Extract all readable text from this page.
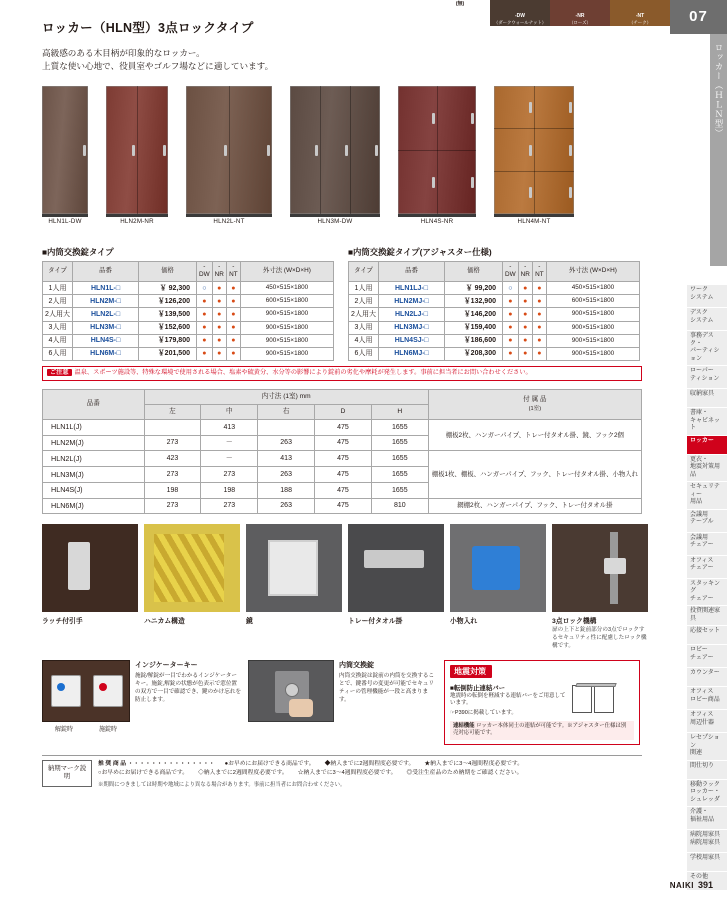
(無)
-DW
（ダークウォールナット）
-NR
（ローズ）
-NT
（チーク）	07
ロッカー（ＨＬＮ型）
ワーク
システム
デスク
システム
事務デスク・
パーティション
ローパー
ティション
収納家具
書庫・
キャビネット
ロッカー
更衣・
地震対策用品
セキュリティー
用品
会議用
テーブル
会議用
チェアー
オフィス
チェアー
スタッキング
チェアー
投資関連家具
応接セット
ロビー
チェアー
カウンター
オフィス
ロビー商品
オフィス
周辺什器
レセプション
関連
間仕切り
移動ラック
ロッカー・
シュレッダ
介護・
福祉用品
病院用家具
病院用家具
学校用家具
その他
ロッカー（HLN型）3点ロックタイプ

高級感のある木目柄が印象的なロッカー。
上質な使い心地で、役員室やゴルフ場などに適しています。

HLN1L-DW	HLN2M-NR	HLN2L-NT	HLN3M-DW	HLN4S-NR	HLN4M-NT
■内筒交換錠タイプ
タイプ	品番	価格	-DW	-NR	-NT	外寸法 (W×D×H)
1人用	HLN1L-□	￥ 92,300	○	●	●	450×515×1800
2人用	HLN2M-□	￥126,200	●	●	●	600×515×1800
2人用大	HLN2L-□	￥139,500	●	●	●	900×515×1800
3人用	HLN3M-□	￥152,600	●	●	●	900×515×1800
4人用	HLN4S-□	￥179,800	●	●	●	900×515×1800
6人用	HLN6M-□	￥201,500	●	●	●	900×515×1800
■内筒交換錠タイプ(アジャスター仕様)
タイプ	品番	価格	-DW	-NR	-NT	外寸法 (W×D×H)
1人用	HLN1LJ-□	￥ 99,200	○	●	●	450×515×1800
2人用	HLN2MJ-□	￥132,900	●	●	●	600×515×1800
2人用大	HLN2LJ-□	￥146,200	●	●	●	900×515×1800
3人用	HLN3MJ-□	￥159,400	●	●	●	900×515×1800
4人用	HLN4SJ-□	￥186,600	●	●	●	900×515×1800
6人用	HLN6MJ-□	￥208,300	●	●	●	900×515×1800
ご注意 温泉、スポーツ施設等、特殊な環境で使用される場合、塩素や硫黄分、水分等の影響により錠前の劣化や摩耗が発生します。事前に担当者にお問い合わせください。
品番	内寸法 (1室) mm					付 属 品
(1室)
	左	中	右	D	H	
HLN1L(J)		413		475	1655	棚板2枚、ハンガーパイプ、トレー付タオル掛、鏡、フック2個
HLN2M(J)	273	－	263	475	1655	
HLN2L(J)	423	－	413	475	1655	棚板1枚、棚板、ハンガーパイプ、フック、トレー付タオル掛、小物入れ
HLN3M(J)	273	273	263	475	1655	
HLN4S(J)	198	198	188	475	1655	
HLN6M(J)	273	273	263	475	810	網棚2枚、ハンガーパイプ、フック、トレー付タオル掛
ラッチ付引手	ハニカム構造	鏡	トレー付タオル掛	小物入れ	3点ロック機構
扉の上下と錠前部分の3点でロックするセキュリティ性に配慮したロック機構です。
解錠時	施錠時
インジケーターキー
施錠/解錠が一目でわかるインジケーターキー。施錠,解錠の状態が色表示で窓位置の双方で一目で確認でき、鍵のかけ忘れを防止します。
内筒交換錠
内筒交換錠は錠前の内筒を交換することで、鍵番号の変更が可能でセキュリティーの管理機能が一段と高まります。
地震対策
■転倒防止連結バー
地震時の転倒を軽減する連結バーをご用意しています。
☞P390に掲載しています。
連結機能 ロッカー本体同士の連結が可能です。※アジャスター仕様は別売対応可能です。
納期マーク説明
推 奨 商 品 ・・・・・・・・・・・・・・・ ●お早めにお届けできる商品です。 ◆納入までに2週間程度必要です。 ★納入までに3～4週間程度必要です。
○お早めにお届けできる商品です。 ◇納入までに2週間程度必要です。 ☆納入までに3～4週間程度必要です。 ◎受注生産品のため納期をご確認ください。
※期間につきましては時期や地域により異なる場合があります。事前に担当者にお問合わせください。
NAIKI 391
